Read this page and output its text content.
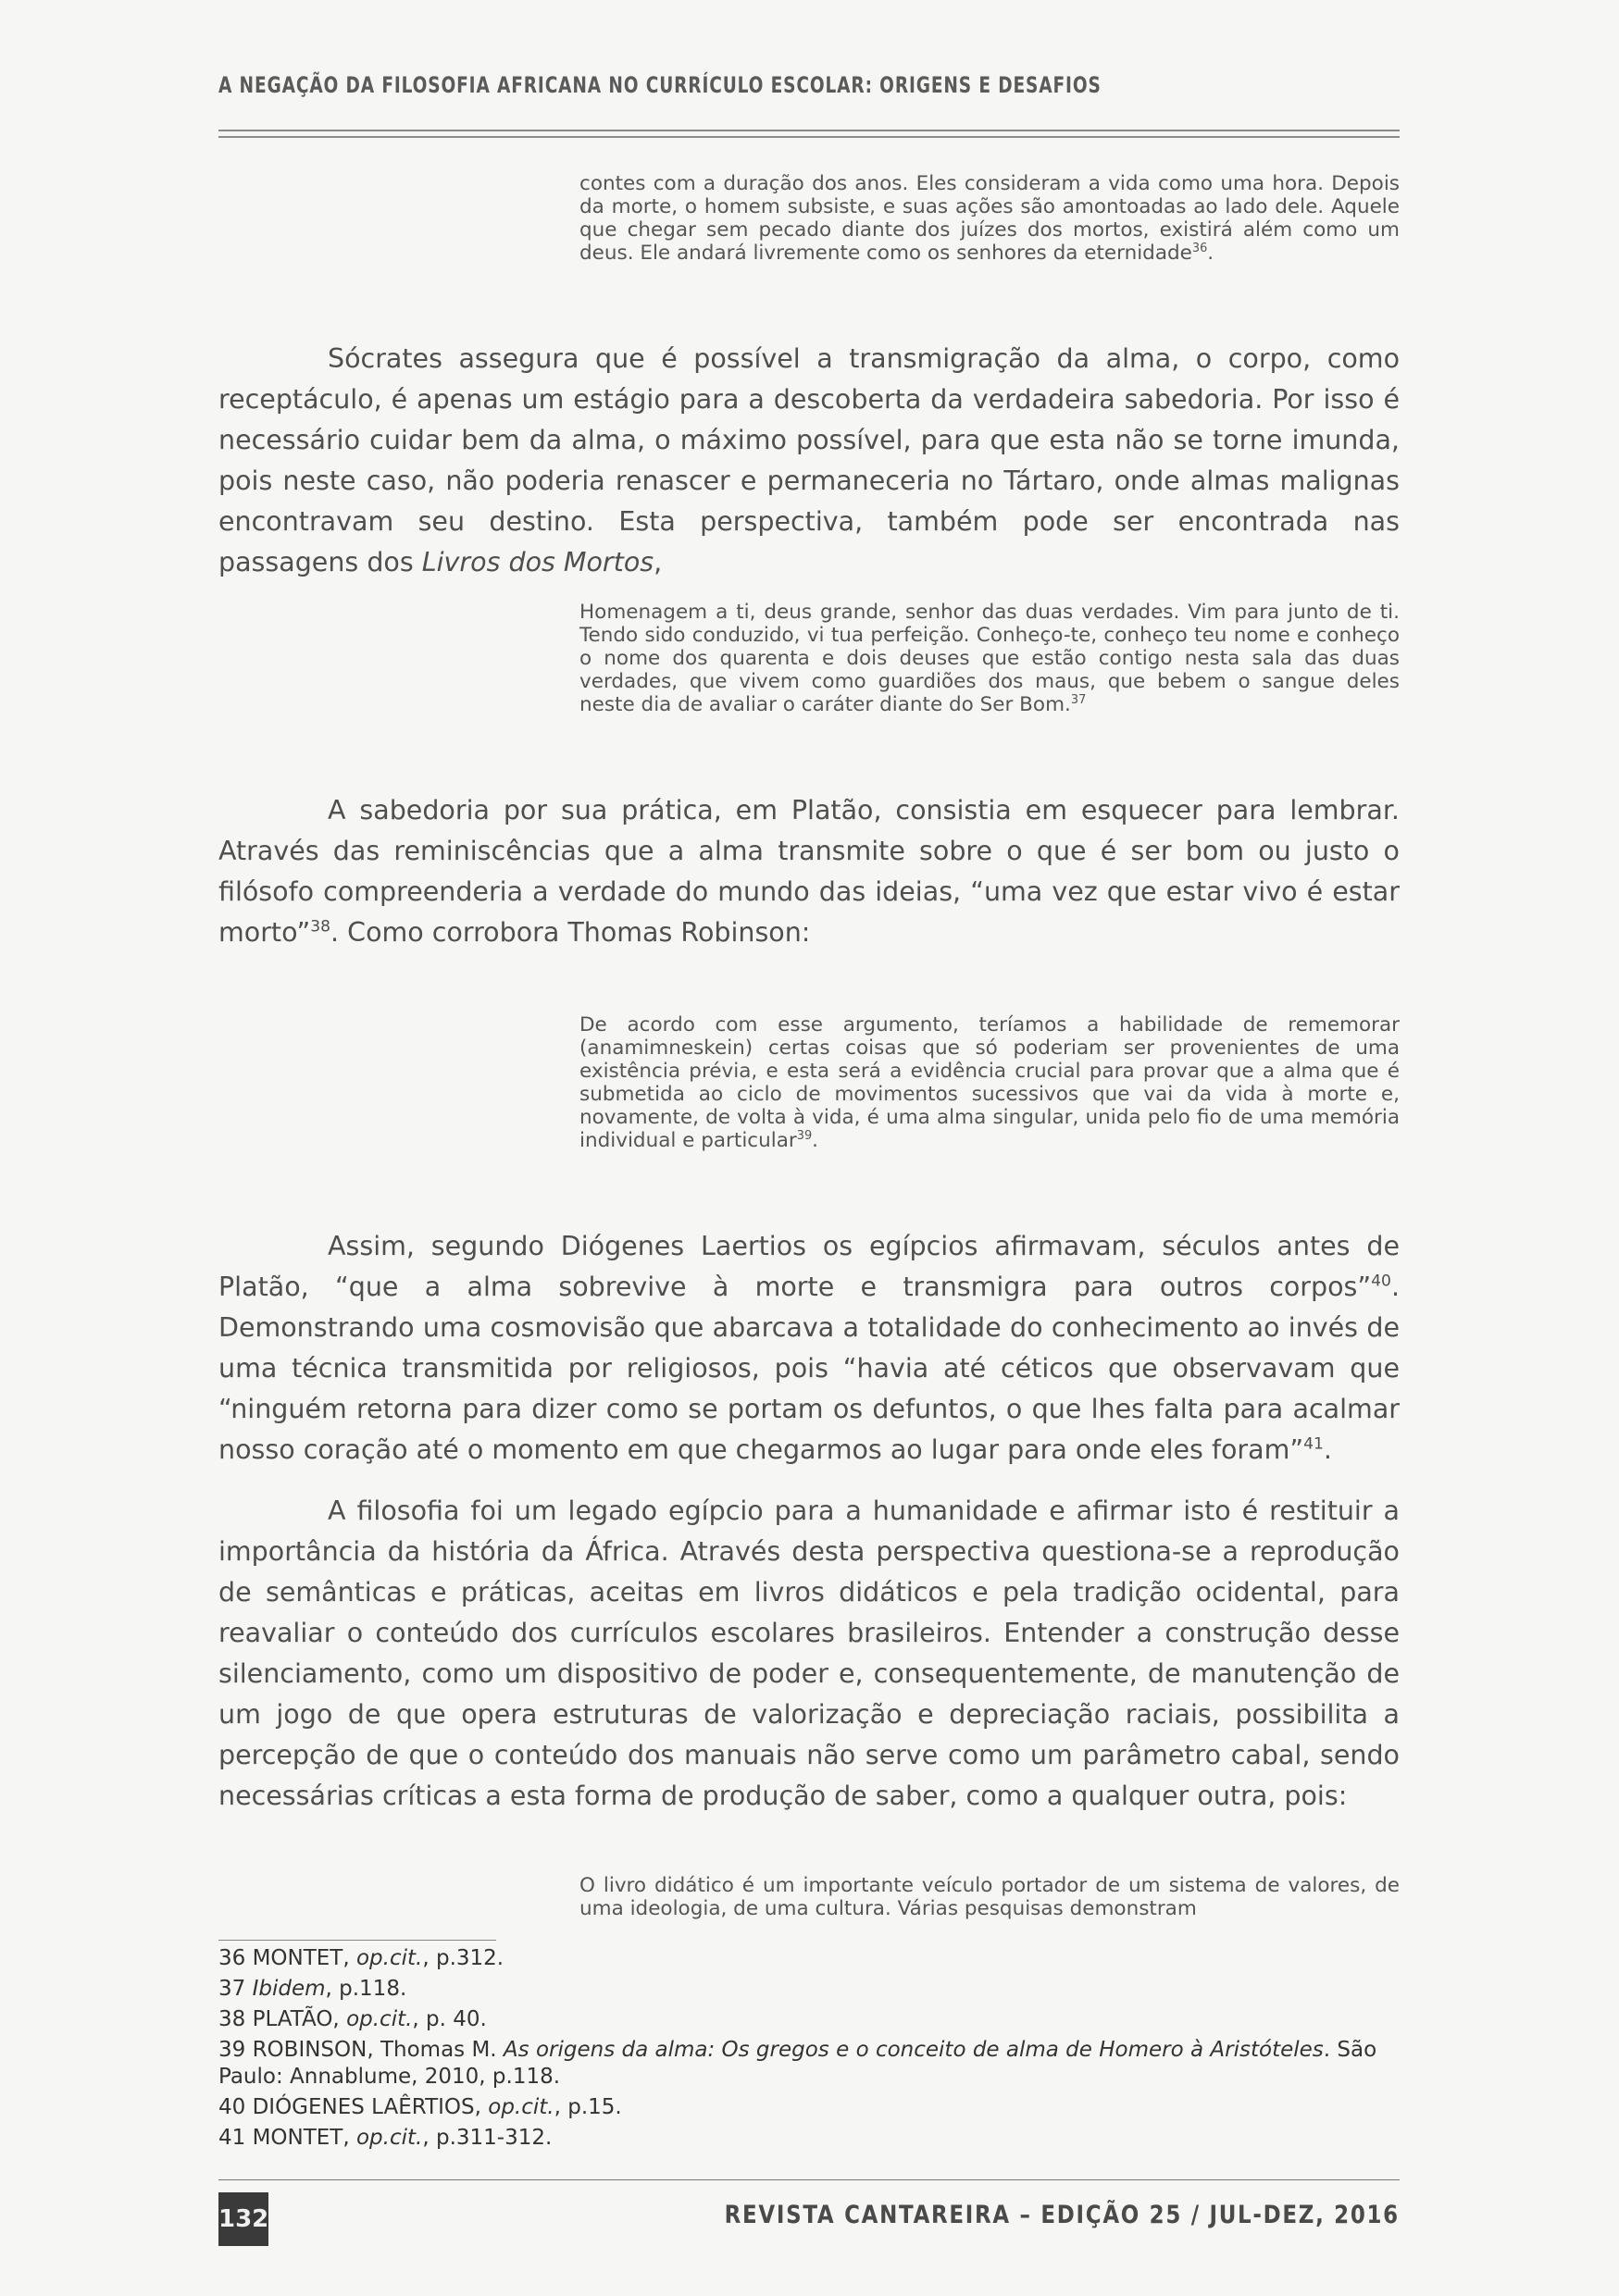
A NEGAÇÃO DA FILOSOFIA AFRICANA NO CURRÍCULO ESCOLAR: ORIGENS E DESAFIOS
contes com a duração dos anos. Eles consideram a vida como uma hora. Depois da morte, o homem subsiste, e suas ações são amontoadas ao lado dele. Aquele que chegar sem pecado diante dos juízes dos mortos, existirá além como um deus. Ele andará livremente como os senhores da eternidade$^{36}$.

Sócrates assegura que é possível a transmigração da alma, o corpo, como receptáculo, é apenas um estágio para a descoberta da verdadeira sabedoria. Por isso é necessário cuidar bem da alma, o máximo possível, para que esta não se torne imunda, pois neste caso, não poderia renascer e permaneceria no Tártaro, onde almas malignas encontravam seu destino. Esta perspectiva, também pode ser encontrada nas passagens dos Livros dos Mortos,

Homenagem a ti, deus grande, senhor das duas verdades. Vim para junto de ti. Tendo sido conduzido, vi tua perfeição. Conheço-te, conheço teu nome e conheço o nome dos quarenta e dois deuses que estão contigo nesta sala das duas verdades, que vivem como guardiões dos maus, que bebem o sangue deles neste dia de avaliar o caráter diante do Ser Bom.$^{37}$

A sabedoria por sua prática, em Platão, consistia em esquecer para lembrar. Através das reminiscências que a alma transmite sobre o que é ser bom ou justo o filósofo compreenderia a verdade do mundo das ideias, “uma vez que estar vivo é estar morto”$^{38}$. Como corrobora Thomas Robinson:

De acordo com esse argumento, teríamos a habilidade de rememorar (anamimneskein) certas coisas que só poderiam ser provenientes de uma existência prévia, e esta será a evidência crucial para provar que a alma que é submetida ao ciclo de movimentos sucessivos que vai da vida à morte e, novamente, de volta à vida, é uma alma singular, unida pelo fio de uma memória individual e particular$^{39}$.

Assim, segundo Diógenes Laertios os egípcios afirmavam, séculos antes de Platão, “que a alma sobrevive à morte e transmigra para outros corpos”$^{40}$. Demonstrando uma cosmovisão que abarcava a totalidade do conhecimento ao invés de uma técnica transmitida por religiosos, pois “havia até céticos que observavam que “ninguém retorna para dizer como se portam os defuntos, o que lhes falta para acalmar nosso coração até o momento em que chegarmos ao lugar para onde eles foram”$^{41}$.

A filosofia foi um legado egípcio para a humanidade e afirmar isto é restituir a importância da história da África. Através desta perspectiva questiona-se a reprodução de semânticas e práticas, aceitas em livros didáticos e pela tradição ocidental, para reavaliar o conteúdo dos currículos escolares brasileiros. Entender a construção desse silenciamento, como um dispositivo de poder e, consequentemente, de manutenção de um jogo de que opera estruturas de valorização e depreciação raciais, possibilita a percepção de que o conteúdo dos manuais não serve como um parâmetro cabal, sendo necessárias críticas a esta forma de produção de saber, como a qualquer outra, pois:

O livro didático é um importante veículo portador de um sistema de valores, de uma ideologia, de uma cultura. Várias pesquisas demonstram
36 MONTET, op.cit., p.312.
37 Ibidem, p.118.
38 PLATÃO, op.cit., p. 40.
39 ROBINSON, Thomas M. As origens da alma: Os gregos e o conceito de alma de Homero à Aristóteles. São Paulo: Annablume, 2010, p.118.
40 DIÓGENES LAÊRTIOS, op.cit., p.15.
41 MONTET, op.cit., p.311-312.
132	REVISTA CANTAREIRA – EDIÇÃO 25 / JUL-DEZ, 2016
